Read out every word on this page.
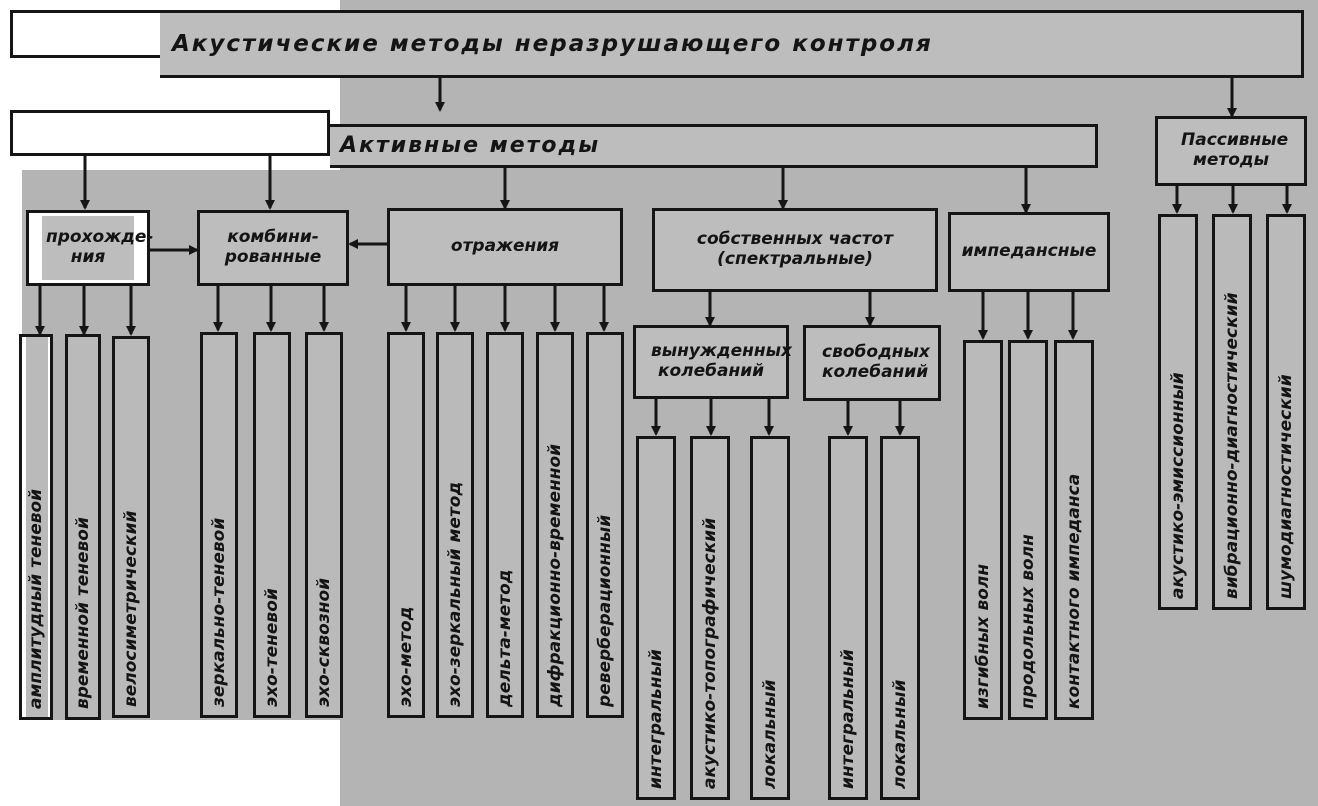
Акустические методы неразрушающего контроля
Активные методы	Пассивные методы
прохожде-ния
комбини-рованные
отражения	собственных частот (спектральные)	импедансные
вынужденных колебаний
свободных колебаний
амплитудный теневой временной теневой велосиметрический	зеркально-теневой эхо-теневой эхо-сквозной	эхо-метод эхо-зеркальный метод дельта-метод дифракционно-временной реверберационный
интегральный акустико-топографический локальный	интегральный локальный
изгибных волн продольных волн контактного импеданса	акустико-эмиссионный вибрационно-диагностический шумодиагностический
